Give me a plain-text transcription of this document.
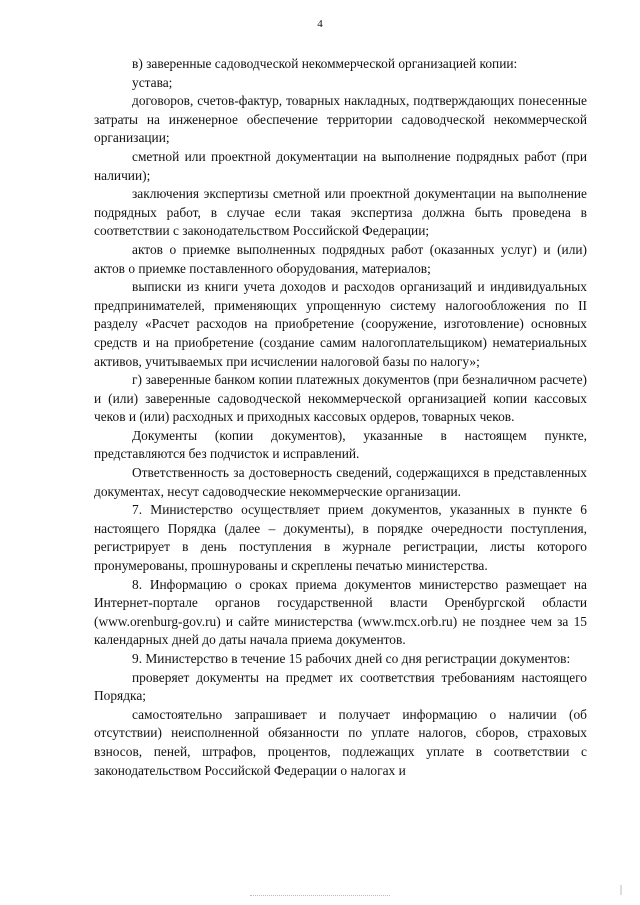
4

в) заверенные садоводческой некоммерческой организацией копии:

устава;

договоров, счетов-фактур, товарных накладных, подтверждающих понесенные затраты на инженерное обеспечение территории садоводческой некоммерческой организации;

сметной или проектной документации на выполнение подрядных работ (при наличии);

заключения экспертизы сметной или проектной документации на выполнение подрядных работ, в случае если такая экспертиза должна быть проведена в соответствии с законодательством Российской Федерации;

актов о приемке выполненных подрядных работ (оказанных услуг) и (или) актов о приемке поставленного оборудования, материалов;

выписки из книги учета доходов и расходов организаций и индивидуальных предпринимателей, применяющих упрощенную систему налогообложения по II разделу «Расчет расходов на приобретение (сооружение, изготовление) основных средств и на приобретение (создание самим налогоплательщиком) нематериальных активов, учитываемых при исчислении налоговой базы по налогу»;

г) заверенные банком копии платежных документов (при безналичном расчете) и (или) заверенные садоводческой некоммерческой организацией копии кассовых чеков и (или) расходных и приходных кассовых ордеров, товарных чеков.

Документы (копии документов), указанные в настоящем пункте, представляются без подчисток и исправлений.

Ответственность за достоверность сведений, содержащихся в представленных документах, несут садоводческие некоммерческие организации.

7. Министерство осуществляет прием документов, указанных в пункте 6 настоящего Порядка (далее – документы), в порядке очередности поступления, регистрирует в день поступления в журнале регистрации, листы которого пронумерованы, прошнурованы и скреплены печатью министерства.

8. Информацию о сроках приема документов министерство размещает на Интернет-портале органов государственной власти Оренбургской области (www.orenburg-gov.ru) и сайте министерства (www.mcx.orb.ru) не позднее чем за 15 календарных дней до даты начала приема документов.

9. Министерство в течение 15 рабочих дней со дня регистрации документов:

проверяет документы на предмет их соответствия требованиям настоящего Порядка;

самостоятельно запрашивает и получает информацию о наличии (об отсутствии) неисполненной обязанности по уплате налогов, сборов, страховых взносов, пеней, штрафов, процентов, подлежащих уплате в соответствии с законодательством Российской Федерации о налогах и
